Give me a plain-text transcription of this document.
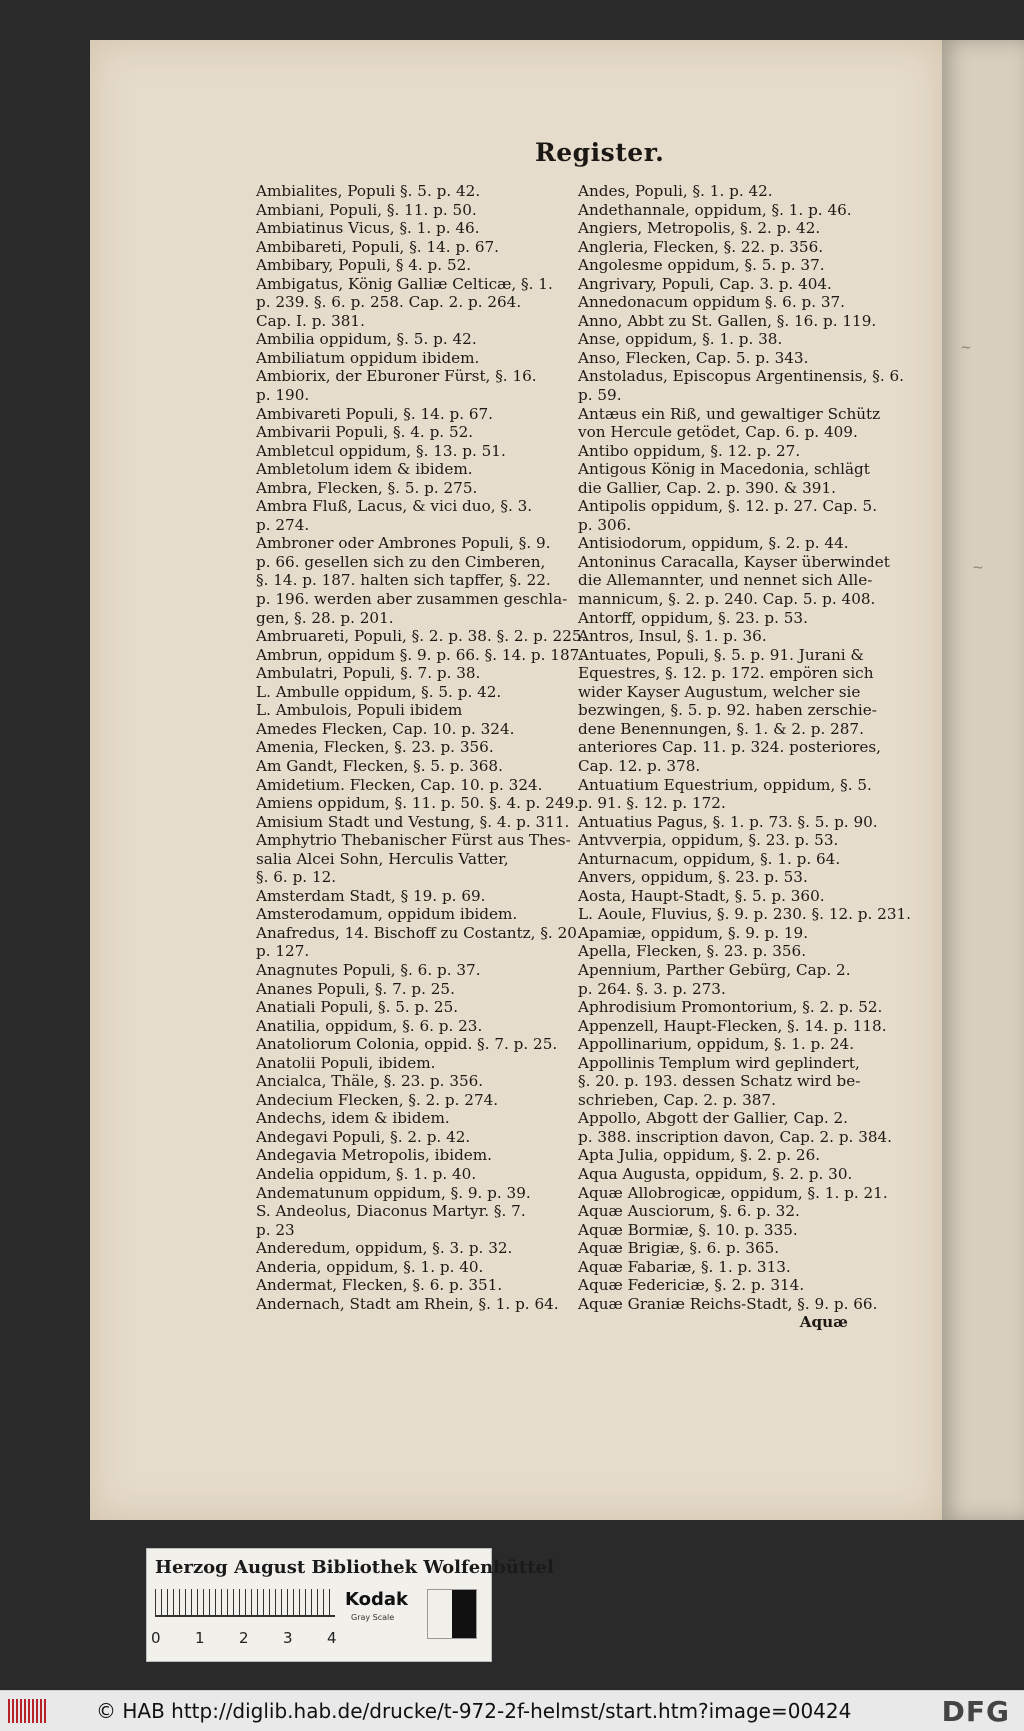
~
~
Register.
Ambialites, Populi §. 5. p. 42.
Ambiani, Populi, §. 11. p. 50.
Ambiatinus Vicus, §. 1. p. 46.
Ambibareti, Populi, §. 14. p. 67.
Ambibary, Populi, § 4. p. 52.
Ambigatus, König Galliæ Celticæ, §. 1.
p. 239. §. 6. p. 258. Cap. 2. p. 264.
Cap. I. p. 381.
Ambilia oppidum, §. 5. p. 42.
Ambiliatum oppidum ibidem.
Ambiorix, der Eburoner Fürst, §. 16.
p. 190.
Ambivareti Populi, §. 14. p. 67.
Ambivarii Populi, §. 4. p. 52.
Ambletcul oppidum, §. 13. p. 51.
Ambletolum idem & ibidem.
Ambra, Flecken, §. 5. p. 275.
Ambra Fluß, Lacus, & vici duo, §. 3.
p. 274.
Ambroner oder Ambrones Populi, §. 9.
p. 66. gesellen sich zu den Cimberen,
§. 14. p. 187. halten sich tapffer, §. 22.
p. 196. werden aber zusammen geschla-
gen, §. 28. p. 201.
Ambruareti, Populi, §. 2. p. 38. §. 2. p. 225.
Ambrun, oppidum §. 9. p. 66. §. 14. p. 187.
Ambulatri, Populi, §. 7. p. 38.
L. Ambulle oppidum, §. 5. p. 42.
L. Ambulois, Populi ibidem
Amedes Flecken, Cap. 10. p. 324.
Amenia, Flecken, §. 23. p. 356.
Am Gandt, Flecken, §. 5. p. 368.
Amidetium. Flecken, Cap. 10. p. 324.
Amiens oppidum, §. 11. p. 50. §. 4. p. 249.
Amisium Stadt und Vestung, §. 4. p. 311.
Amphytrio Thebanischer Fürst aus Thes-
salia Alcei Sohn, Herculis Vatter,
§. 6. p. 12.
Amsterdam Stadt, § 19. p. 69.
Amsterodamum, oppidum ibidem.
Anafredus, 14. Bischoff zu Costantz, §. 20.
p. 127.
Anagnutes Populi, §. 6. p. 37.
Ananes Populi, §. 7. p. 25.
Anatiali Populi, §. 5. p. 25.
Anatilia, oppidum, §. 6. p. 23.
Anatoliorum Colonia, oppid. §. 7. p. 25.
Anatolii Populi, ibidem.
Ancialca, Thäle, §. 23. p. 356.
Andecium Flecken, §. 2. p. 274.
Andechs, idem & ibidem.
Andegavi Populi, §. 2. p. 42.
Andegavia Metropolis, ibidem.
Andelia oppidum, §. 1. p. 40.
Andematunum oppidum, §. 9. p. 39.
S. Andeolus, Diaconus Martyr. §. 7.
p. 23
Anderedum, oppidum, §. 3. p. 32.
Anderia, oppidum, §. 1. p. 40.
Andermat, Flecken, §. 6. p. 351.
Andernach, Stadt am Rhein, §. 1. p. 64.
Andes, Populi, §. 1. p. 42.
Andethannale, oppidum, §. 1. p. 46.
Angiers, Metropolis, §. 2. p. 42.
Angleria, Flecken, §. 22. p. 356.
Angolesme oppidum, §. 5. p. 37.
Angrivary, Populi, Cap. 3. p. 404.
Annedonacum oppidum §. 6. p. 37.
Anno, Abbt zu St. Gallen, §. 16. p. 119.
Anse, oppidum, §. 1. p. 38.
Anso, Flecken, Cap. 5. p. 343.
Anstoladus, Episcopus Argentinensis, §. 6.
p. 59.
Antæus ein Riß, und gewaltiger Schütz
von Hercule getödet, Cap. 6. p. 409.
Antibo oppidum, §. 12. p. 27.
Antigous König in Macedonia, schlägt
die Gallier, Cap. 2. p. 390. & 391.
Antipolis oppidum, §. 12. p. 27. Cap. 5.
p. 306.
Antisiodorum, oppidum, §. 2. p. 44.
Antoninus Caracalla, Kayser überwindet
die Allemannter, und nennet sich Alle-
mannicum, §. 2. p. 240. Cap. 5. p. 408.
Antorff, oppidum, §. 23. p. 53.
Antros, Insul, §. 1. p. 36.
Antuates, Populi, §. 5. p. 91. Jurani &
Equestres, §. 12. p. 172. empören sich
wider Kayser Augustum, welcher sie
bezwingen, §. 5. p. 92. haben zerschie-
dene Benennungen, §. 1. & 2. p. 287.
anteriores Cap. 11. p. 324. posteriores,
Cap. 12. p. 378.
Antuatium Equestrium, oppidum, §. 5.
p. 91. §. 12. p. 172.
Antuatius Pagus, §. 1. p. 73. §. 5. p. 90.
Antvverpia, oppidum, §. 23. p. 53.
Anturnacum, oppidum, §. 1. p. 64.
Anvers, oppidum, §. 23. p. 53.
Aosta, Haupt-Stadt, §. 5. p. 360.
L. Aoule, Fluvius, §. 9. p. 230. §. 12. p. 231.
Apamiæ, oppidum, §. 9. p. 19.
Apella, Flecken, §. 23. p. 356.
Apennium, Parther Gebürg, Cap. 2.
p. 264. §. 3. p. 273.
Aphrodisium Promontorium, §. 2. p. 52.
Appenzell, Haupt-Flecken, §. 14. p. 118.
Appollinarium, oppidum, §. 1. p. 24.
Appollinis Templum wird geplindert,
§. 20. p. 193. dessen Schatz wird be-
schrieben, Cap. 2. p. 387.
Appollo, Abgott der Gallier, Cap. 2.
p. 388. inscription davon, Cap. 2. p. 384.
Apta Julia, oppidum, §. 2. p. 26.
Aqua Augusta, oppidum, §. 2. p. 30.
Aquæ Allobrogicæ, oppidum, §. 1. p. 21.
Aquæ Ausciorum, §. 6. p. 32.
Aquæ Bormiæ, §. 10. p. 335.
Aquæ Brigiæ, §. 6. p. 365.
Aquæ Fabariæ, §. 1. p. 313.
Aquæ Federiciæ, §. 2. p. 314.
Aquæ Graniæ Reichs-Stadt, §. 9. p. 66.
Aquæ
Herzog August Bibliothek Wolfenbüttel
0 1 2 3 4
Kodak
Gray Scale
© HAB http://diglib.hab.de/drucke/t-972-2f-helmst/start.htm?image=00424	DFG
